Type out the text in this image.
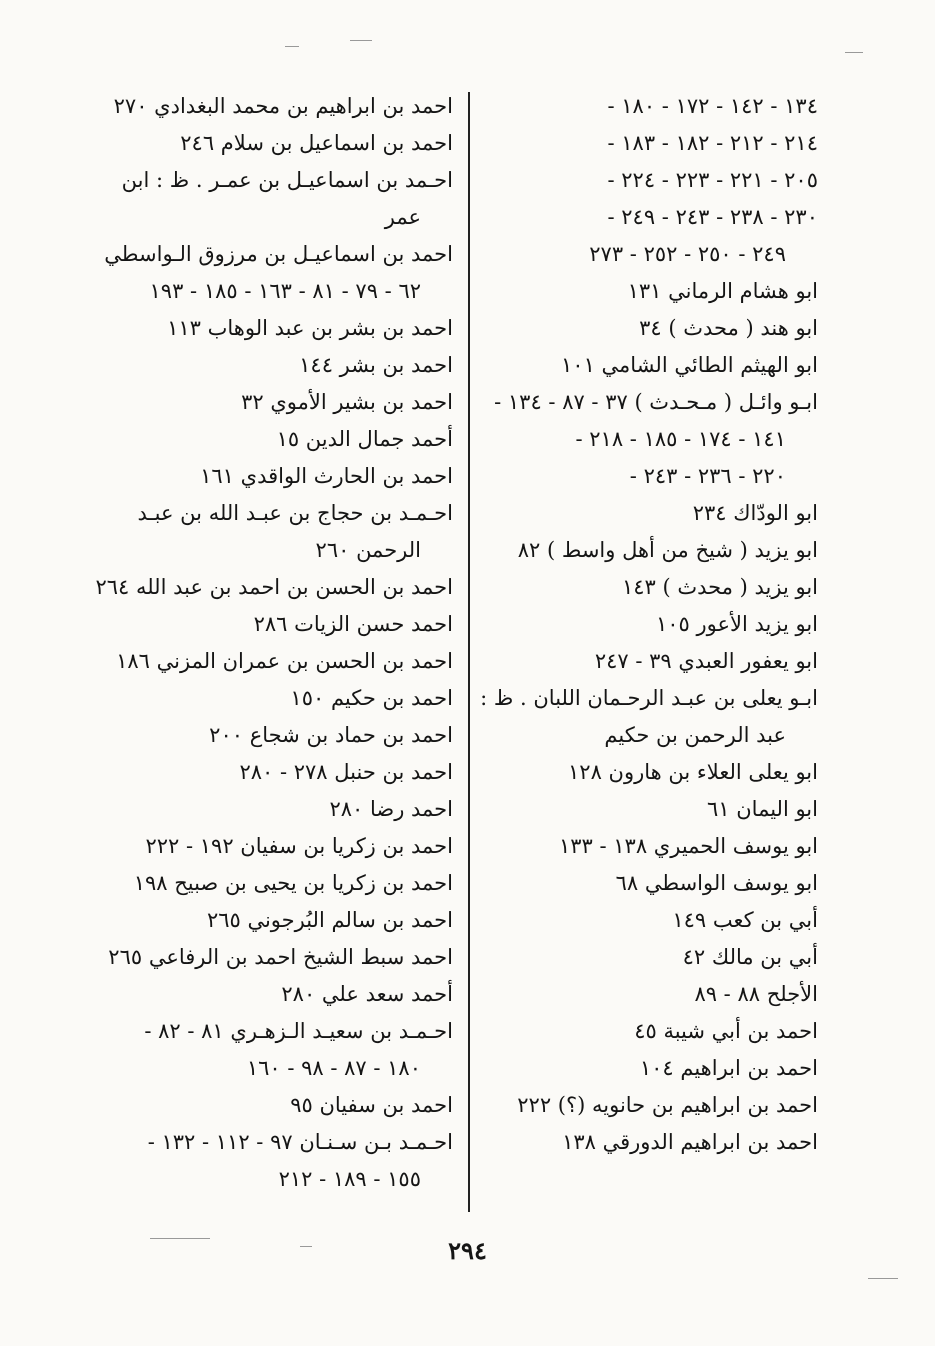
١٣٤ - ١٤٢ - ١٧٢ - ١٨٠ -
٢١٤ - ٢١٢ - ١٨٢ - ١٨٣ -
٢٠٥ - ٢٢١ - ٢٢٣ - ٢٢٤ -
٢٣٠ - ٢٣٨ - ٢٤٣ - ٢٤٩ -
٢٤٩ - ٢٥٠ - ٢٥٢ - ٢٧٣
ابو هشام الرماني ١٣١
ابو هند ( محدث ) ٣٤
ابو الهيثم الطائي الشامي ١٠١
ابـو وائـل ( مـحـدث ) ٣٧ - ٨٧ - ١٣٤ -
١٤١ - ١٧٤ - ١٨٥ - ٢١٨ -
٢٢٠ - ٢٣٦ - ٢٤٣ -
ابو الودّاك ٢٣٤
ابو يزيد ( شيخ من أهل واسط ) ٨٢
ابو يزيد ( محدث ) ١٤٣
ابو يزيد الأعور ١٠٥
ابو يعفور العبدي ٣٩ - ٢٤٧
ابـو يعلى بن عبـد الرحـمان اللبان . ظ :
عبد الرحمن بن حكيم
ابو يعلى العلاء بن هارون ١٢٨
ابو اليمان ٦١
ابو يوسف الحميري ١٣٨ - ١٣٣
ابو يوسف الواسطي ٦٨
أبي بن كعب ١٤٩
أبي بن مالك ٤٢
الأجلح ٨٨ - ٨٩
احمد بن أبي شيبة ٤٥
احمد بن ابراهيم ١٠٤
احمد بن ابراهيم بن حانويه (؟) ٢٢٢
احمد بن ابراهيم الدورقي ١٣٨
احمد بن ابراهيم بن محمد البغدادي ٢٧٠
احمد بن اسماعيل بن سلام ٢٤٦
احـمد بن اسماعيـل بن عمـر . ظ : ابن
عمر
احمد بن اسماعيـل بن مرزوق الـواسطي
٦٢ - ٧٩ - ٨١ - ١٦٣ - ١٨٥ - ١٩٣
احمد بن بشر بن عبد الوهاب ١١٣
احمد بن بشر ١٤٤
احمد بن بشير الأموي ٣٢
أحمد جمال الدين ١٥
احمد بن الحارث الواقدي ١٦١
احـمـد بن حجاج بن عبـد الله بن عبـد
الرحمن ٢٦٠
احمد بن الحسن بن احمد بن عبد الله ٢٦٤
احمد حسن الزيات ٢٨٦
احمد بن الحسن بن عمران المزني ١٨٦
احمد بن حكيم ١٥٠
احمد بن حماد بن شجاع ٢٠٠
احمد بن حنبل ٢٧٨ - ٢٨٠
احمد رضا ٢٨٠
احمد بن زكريا بن سفيان ١٩٢ - ٢٢٢
احمد بن زكريا بن يحيى بن صبيح ١٩٨
احمد بن سالم البُرجوني ٢٦٥
احمد سبط الشيخ احمد بن الرفاعي ٢٦٥
أحمد سعد علي ٢٨٠
احـمـد بن سعيـد الـزهـري ٨١ - ٨٢ -
١٨٠ - ٨٧ - ٩٨ - ١٦٠
احمد بن سفيان ٩٥
احـمـد بـن سـنـان ٩٧ - ١١٢ - ١٣٢ -
١٥٥ - ١٨٩ - ٢١٢
٢٩٤
